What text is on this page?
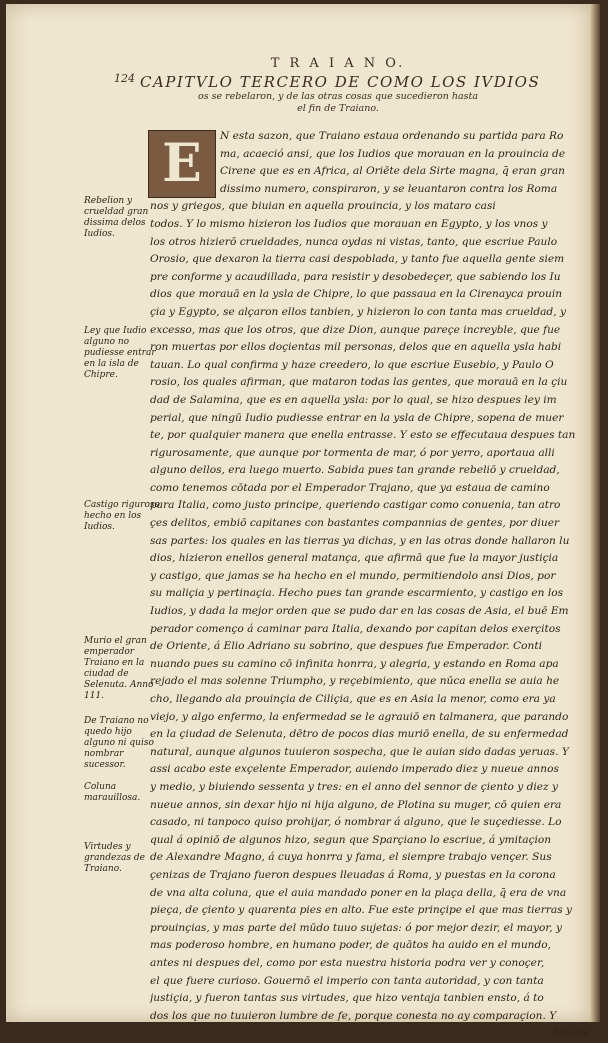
124
T R A I A N O.
CAPITVLO TERCERO DE COMO LOS IVDIOS
os se rebelaron, y de las otras cosas que sucedieron hasta
el fin de Traiano.
E	N esta sazon, que Traiano estaua ordenando su partida para Ro
ma, acaeció ansi, que los Iudios que morauan en la prouincia de
Cirene que es en Africa, al Oriēte dela Sirte magna, q̄ eran gran
dissimo numero, conspiraron, y se leuantaron contra los Roma
nos y griegos, que biuian en aquella prouincia, y los mataro casi
todos. Y lo mismo hizieron los Iudios que morauan en Egypto, y los vnos y
los otros hizierō crueldades, nunca oydas ni vistas, tanto, que escriue Paulo
Orosio, que dexaron la tierra casi despoblada, y tanto fue aquella gente siem
pre conforme y acaudillada, para resistir y desobedeçer, que sabiendo los Iu
dios que morauā en la ysla de Chipre, lo que passaua en la Cirenayca prouin
çia y Egypto, se alçaron ellos tanbien, y hizieron lo con tanta mas crueldad, y
excesso, mas que los otros, que dize Dion, aunque pareçe increyble, que fue
ron muertas por ellos doçientas mil personas, delos que en aquella ysla habi
tauan. Lo qual confirma y haze creedero, lo que escriue Eusebio, y Paulo O
rosio, los quales afirman, que mataron todas las gentes, que morauā en la çiu
dad de Salamina, que es en aquella ysla: por lo qual, se hizo despues ley im
perial, que ningū Iudio pudiesse entrar en la ysla de Chipre, sopena de muer
te, por qualquier manera que enella entrasse. Y esto se effecutaua despues tan
rigurosamente, que aunque por tormenta de mar, ó por yerro, aportaua alli
alguno dellos, era luego muerto. Sabida pues tan grande rebeliō y crueldad,
como tenemos cōtada por el Emperador Trajano, que ya estaua de camino
para Italia, como justo principe, queriendo castigar como conuenia, tan atro
çes delitos, embiō capitanes con bastantes compannias de gentes, por diuer
sas partes: los quales en las tierras ya dichas, y en las otras donde hallaron lu
dios, hizieron enellos general matança, que afirmā que fue la mayor justiçia
y castigo, que jamas se ha hecho en el mundo, permitiendolo ansi Dios, por
su maliçia y pertinaçia. Hecho pues tan grande escarmiento, y castigo en los
Iudios, y dada la mejor orden que se pudo dar en las cosas de Asia, el buē Em
perador començo á caminar para Italia, dexando por capitan delos exerçitos
de Oriente, á Elio Adriano su sobrino, que despues fue Emperador. Conti
nuando pues su camino cō infinita honrra, y alegria, y estando en Roma apa
rejado el mas solenne Triumpho, y reçebimiento, que nūca enella se auia he
cho, llegando ala prouinçia de Ciliçia, que es en Asia la menor, como era ya
viejo, y algo enfermo, la enfermedad se le agrauiō en talmanera, que parando
en la çiudad de Selenuta, dētro de pocos dias muriō enella, de su enfermedad
natural, aunque algunos tuuieron sospecha, que le auian sido dadas yeruas. Y
assi acabo este exçelente Emperador, auiendo imperado diez y nueue annos
y medio, y biuiendo sessenta y tres: en el anno del sennor de çiento y diez y
nueue annos, sin dexar hijo ni hija alguno, de Plotina su muger, cō quien era
casado, ni tanpoco quiso prohijar, ó nombrar á alguno, que le suçediesse. Lo
qual á opiniō de algunos hizo, segun que Sparçiano lo escriue, á ymitaçion
de Alexandre Magno, á cuya honrra y fama, el siempre trabajo vençer. Sus
çenizas de Trajano fueron despues lleuadas á Roma, y puestas en la corona
de vna alta coluna, que el auia mandado poner en la plaça della, q̄ era de vna
pieça, de çiento y quarenta pies en alto. Fue este prinçipe el que mas tierras y
prouinçias, y mas parte del mūdo tuuo sujetas: ó por mejor dezir, el mayor, y
mas poderoso hombre, en humano poder, de quātos ha auido en el mundo,
antes ni despues del, como por esta nuestra historia podra ver y conoçer,
el que fuere curioso. Gouernō el imperio con tanta autoridad, y con tanta
justiçia, y fueron tantas sus virtudes, que hizo ventaja tanbien ensto, á to
dos los que no tuuieron lumbre de fe, porque conesta no ay comparaçion. Y
tuuose

Rebelion y crueldad gran dissima delos Iudios.
Ley que Iudio alguno no pudiesse entrar en la isla de Chipre.
Castigo riguroso hecho en los Iudios.
Murio el gran emperador Traiano en la ciudad de Selenuta. Anno 111.
De Traiano no quedo hijo alguno ni quiso nombrar sucessor.
Coluna marauillosa.
Virtudes y grandezas de Traiano.
